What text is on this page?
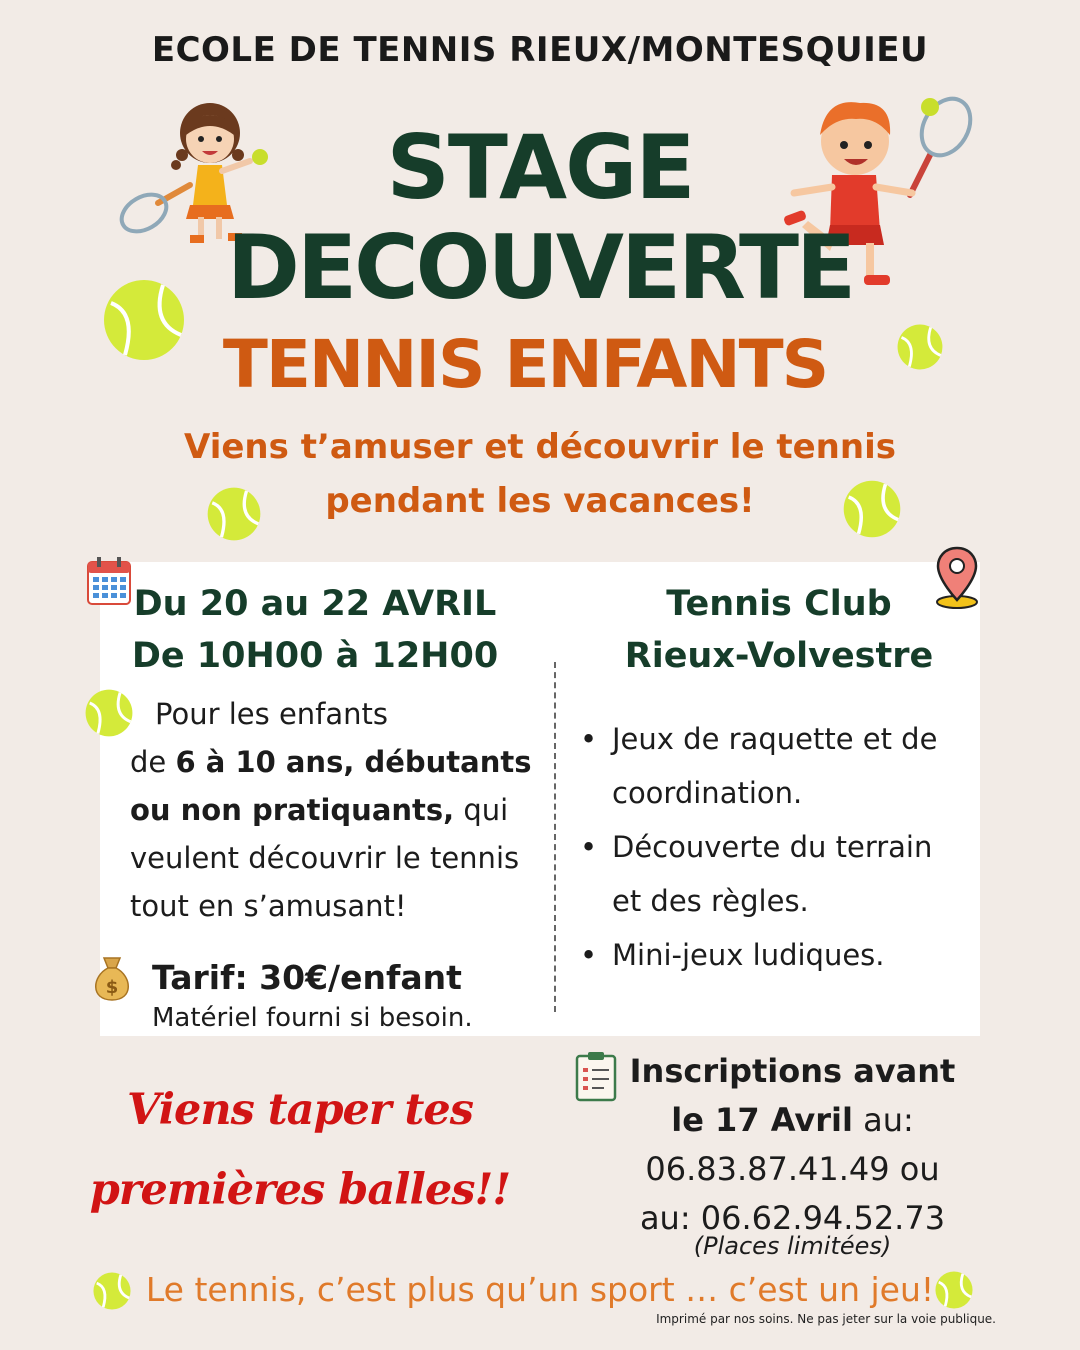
ECOLE DE TENNIS RIEUX/MONTESQUIEU
STAGE
DECOUVERTE
TENNIS ENFANTS
Viens t’amuser et découvrir le tennis
pendant les vacances!
Du 20 au 22 AVRIL
De 10H00 à 12H00
Tennis Club
Rieux-Volvestre
Pour les enfants
de 6 à 10 ans, débutants
ou non pratiquants, qui
veulent découvrir le tennis
tout en s’amusant!
$ Tarif: 30€/enfant
Matériel fourni si besoin.
• Jeux de raquette et de coordination.
• Découverte du terrain et des règles.
• Mini-jeux ludiques.
Viens taper tes
premières balles!!
Inscriptions avant
le 17 Avril au:
06.83.87.41.49 ou
au: 06.62.94.52.73
(Places limitées)
Le tennis, c’est plus qu’un sport … c’est un jeu!
Imprimé par nos soins. Ne pas jeter sur la voie publique.
